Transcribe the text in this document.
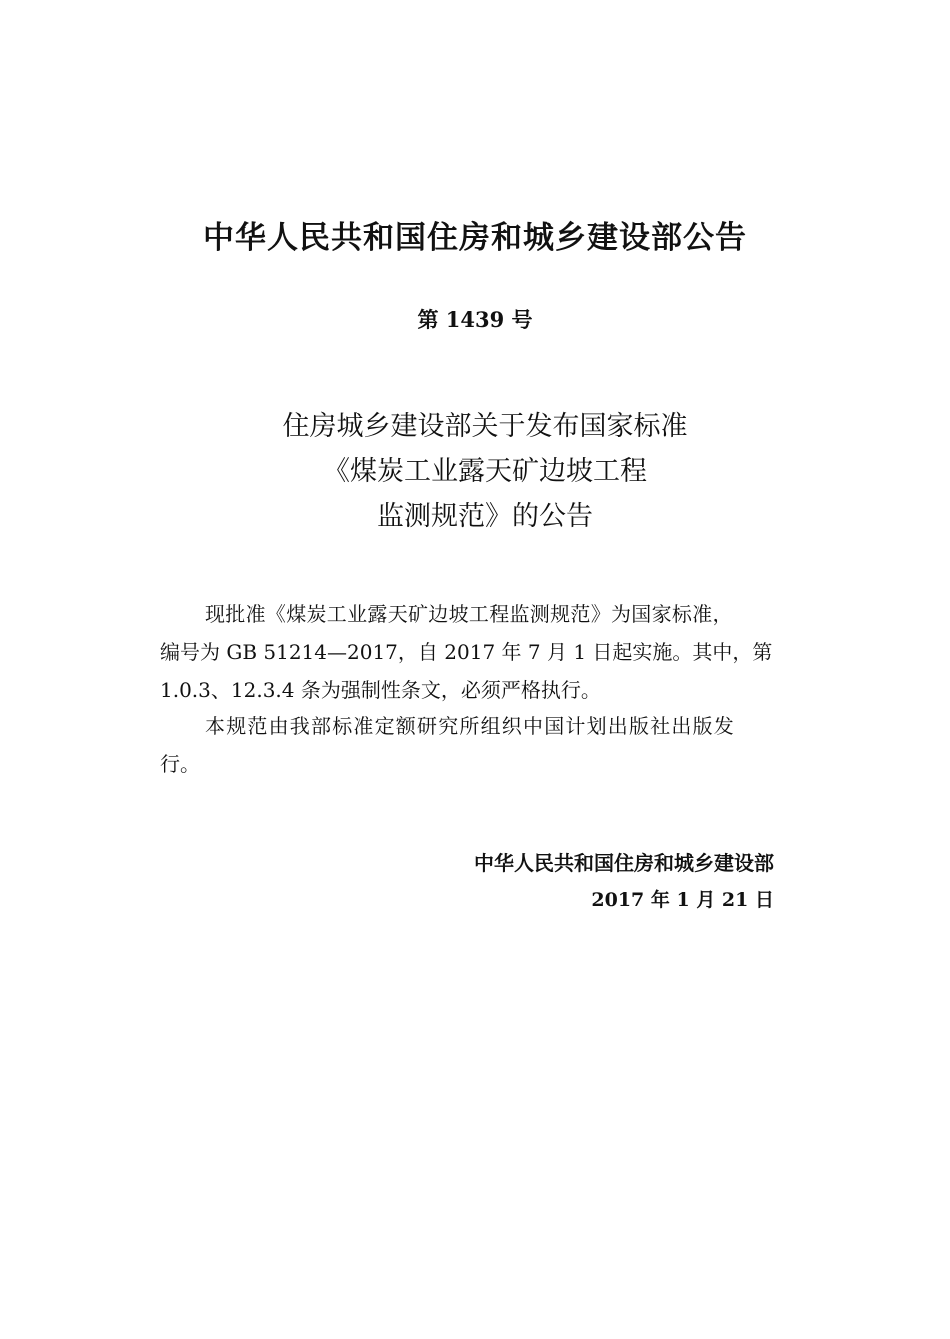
中华人民共和国住房和城乡建设部公告
第 1439 号
住房城乡建设部关于发布国家标准
《煤炭工业露天矿边坡工程
监测规范》的公告
现批准《煤炭工业露天矿边坡工程监测规范》为国家标准，
编号为 GB 51214—2017，自 2017 年 7 月 1 日起实施。其中，第
1.0.3、12.3.4 条为强制性条文，必须严格执行。
本规范由我部标准定额研究所组织中国计划出版社出版发
行。
中华人民共和国住房和城乡建设部
2017 年 1 月 21 日
